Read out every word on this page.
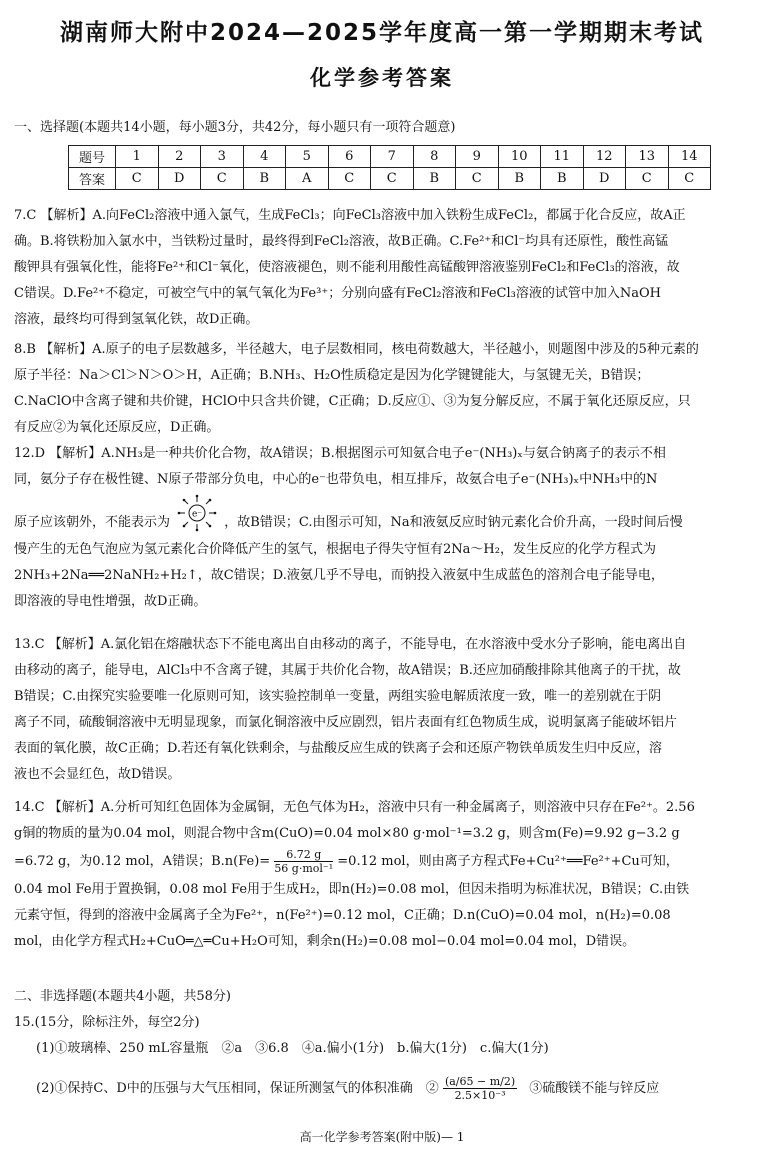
湖南师大附中2024—2025学年度高一第一学期期末考试
化学参考答案
一、选择题(本题共14小题，每小题3分，共42分，每小题只有一项符合题意)
题号	1	2	3	4	5	6	7	8	9	10	11	12	13	14
答案	C	D	C	B	A	C	C	B	C	B	B	D	C	C
7.C 【解析】A.向FeCl₂溶液中通入氯气，生成FeCl₃；向FeCl₃溶液中加入铁粉生成FeCl₂，都属于化合反应，故A正
确。B.将铁粉加入氯水中，当铁粉过量时，最终得到FeCl₂溶液，故B正确。C.Fe²⁺和Cl⁻均具有还原性，酸性高锰
酸钾具有强氧化性，能将Fe²⁺和Cl⁻氧化，使溶液褪色，则不能利用酸性高锰酸钾溶液鉴别FeCl₂和FeCl₃的溶液，故
C错误。D.Fe²⁺不稳定，可被空气中的氧气氧化为Fe³⁺；分别向盛有FeCl₂溶液和FeCl₃溶液的试管中加入NaOH
溶液，最终均可得到氢氧化铁，故D正确。
8.B 【解析】A.原子的电子层数越多，半径越大，电子层数相同，核电荷数越大，半径越小，则题图中涉及的5种元素的
原子半径：Na＞Cl＞N＞O＞H，A正确；B.NH₃、H₂O性质稳定是因为化学键键能大，与氢键无关，B错误；
C.NaClO中含离子键和共价键，HClO中只含共价键，C正确；D.反应①、③为复分解反应，不属于氧化还原反应，只
有反应②为氧化还原反应，D正确。
12.D 【解析】A.NH₃是一种共价化合物，故A错误；B.根据图示可知氨合电子e⁻(NH₃)ₓ与氨合钠离子的表示不相
同，氨分子存在极性键、N原子带部分负电，中心的e⁻也带负电，相互排斥，故氨合电子e⁻(NH₃)ₓ中NH₃中的N
原子应该朝外，不能表示为
e⁻
，故B错误；C.由图示可知，Na和液氨反应时钠元素化合价升高，一段时间后慢
慢产生的无色气泡应为氢元素化合价降低产生的氢气，根据电子得失守恒有2Na～H₂，发生反应的化学方程式为
2NH₃+2Na══2NaNH₂+H₂↑，故C错误；D.液氨几乎不导电，而钠投入液氨中生成蓝色的溶剂合电子能导电，
即溶液的导电性增强，故D正确。
13.C 【解析】A.氯化铝在熔融状态下不能电离出自由移动的离子，不能导电，在水溶液中受水分子影响，能电离出自
由移动的离子，能导电，AlCl₃中不含离子键，其属于共价化合物，故A错误；B.还应加硝酸排除其他离子的干扰，故
B错误；C.由探究实验要唯一化原则可知，该实验控制单一变量，两组实验电解质浓度一致，唯一的差别就在于阴
离子不同，硫酸铜溶液中无明显现象，而氯化铜溶液中反应剧烈，铝片表面有红色物质生成，说明氯离子能破坏铝片
表面的氧化膜，故C正确；D.若还有氧化铁剩余，与盐酸反应生成的铁离子会和还原产物铁单质发生归中反应，溶
液也不会显红色，故D错误。
14.C 【解析】A.分析可知红色固体为金属铜，无色气体为H₂，溶液中只有一种金属离子，则溶液中只存在Fe²⁺。2.56
g铜的物质的量为0.04 mol，则混合物中含m(CuO)=0.04 mol×80 g·mol⁻¹=3.2 g，则含m(Fe)=9.92 g−3.2 g
=6.72 g，为0.12 mol，A错误；$B.n(Fe)= \frac{6.72 g}{\text{56 g·mol⁻¹}} =0.12$ mol，则由离子方程式Fe+Cu²⁺══Fe²⁺+Cu可知，
0.04 mol Fe用于置换铜，0.08 mol Fe用于生成H₂，即n(H₂)=0.08 mol，但因未指明为标准状况，B错误；C.由铁
元素守恒，得到的溶液中金属离子全为Fe²⁺，n(Fe²⁺)=0.12 mol，C正确；D.n(CuO)=0.04 mol，n(H₂)=0.08
mol，由化学方程式H₂+CuO═△═Cu+H₂O可知，剩余n(H₂)=0.08 mol−0.04 mol=0.04 mol，D错误。
二、非选择题(本题共4小题，共58分)
15.(15分，除标注外，每空2分)
(1)①玻璃棒、250 mL容量瓶　②a　③6.8　④a.偏小(1分)　b.偏大(1分)　c.偏大(1分)
(2)①保持C、D中的压强与大气压相同，保证所测氢气的体积准确　② $\frac{(a/65 - m/2)}{\text{2.5×10⁻³}}$ ③硫酸镁不能与锌反应
高一化学参考答案(附中版)— 1
